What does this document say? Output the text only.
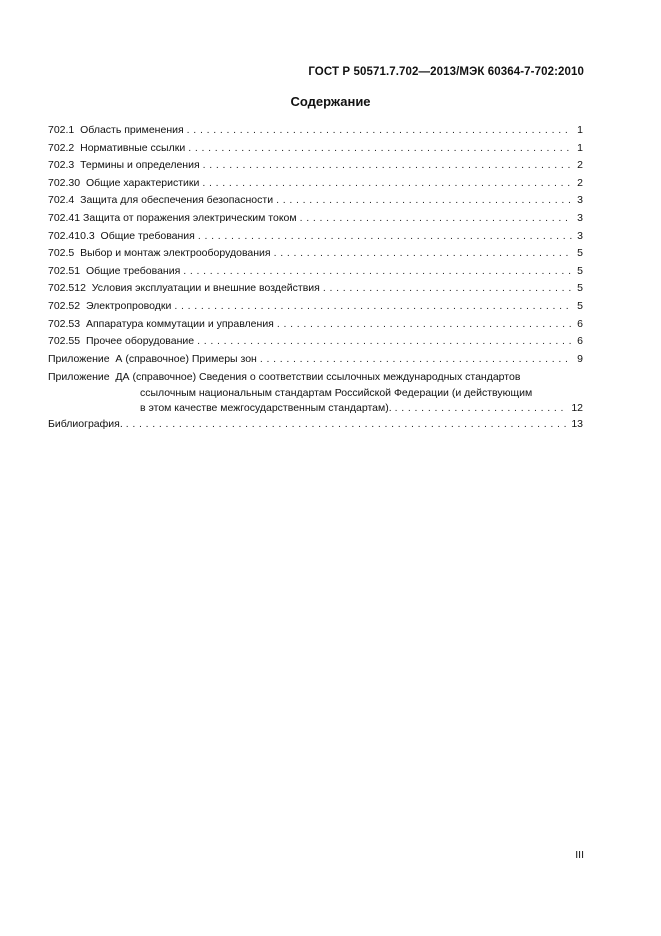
ГОСТ Р 50571.7.702—2013/МЭК 60364-7-702:2010
Содержание
702.1  Область применения . . .	1
702.2  Нормативные ссылки . . .	1
702.3  Термины и определения . . .	2
702.30  Общие характеристики . . .	2
702.4  Защита для обеспечения безопасности . . .	3
702.41 Защита от поражения электрическим током . . .	3
702.410.3  Общие требования . . .	3
702.5  Выбор и монтаж электрооборудования . . .	5
702.51  Общие требования . . .	5
702.512  Условия эксплуатации и внешние воздействия . . .	5
702.52  Электропроводки . . .	5
702.53  Аппаратура коммутации и управления . . .	6
702.55  Прочее оборудование . . .	6
Приложение  А (справочное) Примеры зон . . .	9
Приложение  ДА (справочное) Сведения о соответствии ссылочных международных стандартов
ссылочным национальным стандартам Российской Федерации (и действующим
в этом качестве межгосударственным стандартам). . . .	12
Библиография. . . .	13
III
